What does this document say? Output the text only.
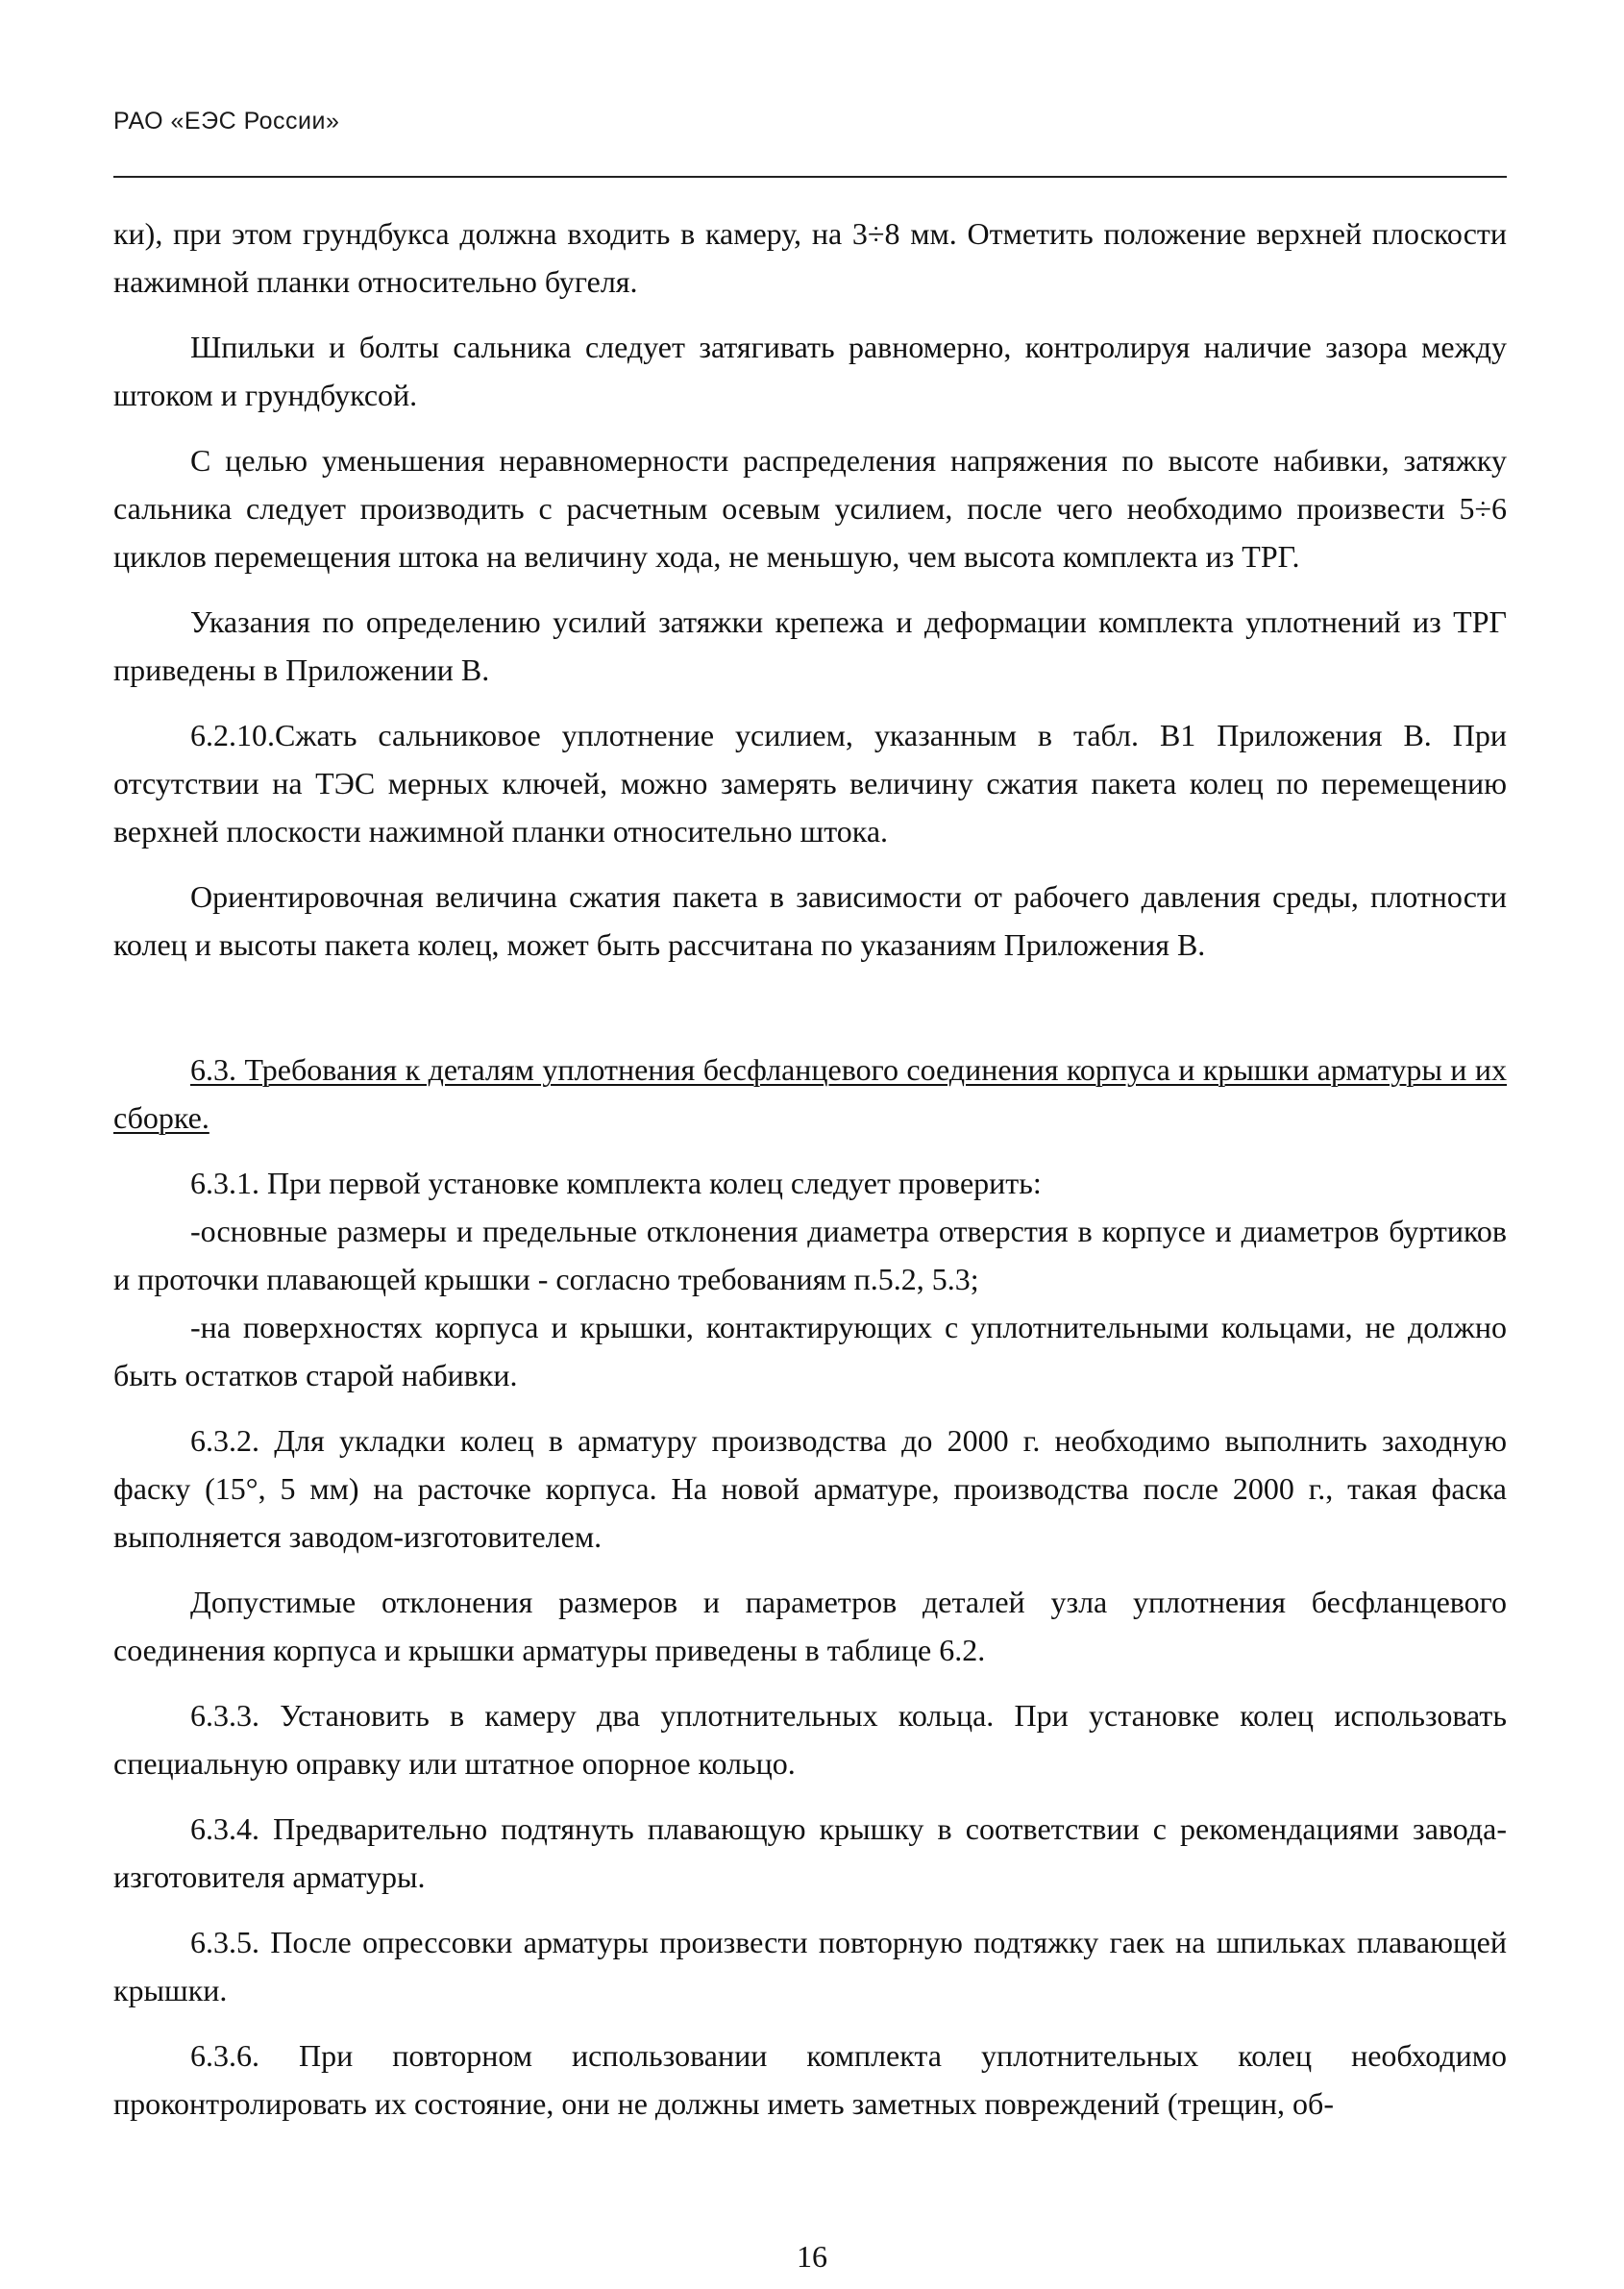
РАО «ЕЭС России»

ки), при этом грундбукса должна входить в камеру, на 3÷8 мм. Отметить положение верхней плоскости нажимной планки относительно бугеля.

Шпильки и болты сальника следует затягивать равномерно, контролируя наличие зазора между штоком и грундбуксой.

С целью уменьшения неравномерности распределения напряжения по высоте набивки, затяжку сальника следует производить с расчетным осевым усилием, после чего необходимо произвести 5÷6 циклов перемещения штока на величину хода, не меньшую, чем высота комплекта из ТРГ.

Указания по определению усилий затяжки крепежа и деформации комплекта уплотнений из ТРГ приведены в Приложении В.

6.2.10.Сжать сальниковое уплотнение усилием, указанным в табл. В1 Приложения В. При отсутствии на ТЭС мерных ключей, можно замерять величину сжатия пакета колец по перемещению верхней плоскости нажимной планки относительно штока.

Ориентировочная величина сжатия пакета в зависимости от рабочего давления среды, плотности колец и высоты пакета колец, может быть рассчитана по указаниям Приложения В.

6.3. Требования к деталям уплотнения бесфланцевого соединения корпуса и крышки арматуры и их сборке.

6.3.1. При первой установке комплекта колец следует проверить:

-основные размеры и предельные отклонения диаметра отверстия в корпусе и диаметров буртиков и проточки плавающей крышки - согласно требованиям п.5.2, 5.3;

-на поверхностях корпуса и крышки, контактирующих с уплотнительными кольцами, не должно быть остатков старой набивки.

6.3.2. Для укладки колец в арматуру производства до 2000 г. необходимо выполнить заходную фаску (15°, 5 мм) на расточке корпуса. На новой арматуре, производства после 2000 г., такая фаска выполняется заводом-изготовителем.

Допустимые отклонения размеров и параметров деталей узла уплотнения бесфланцевого соединения корпуса и крышки арматуры приведены в таблице 6.2.

6.3.3. Установить в камеру два уплотнительных кольца. При установке колец использовать специальную оправку или штатное опорное кольцо.

6.3.4. Предварительно подтянуть плавающую крышку в соответствии с рекомендациями завода-изготовителя арматуры.

6.3.5. После опрессовки арматуры произвести повторную подтяжку гаек на шпильках плавающей крышки.

6.3.6. При повторном использовании комплекта уплотнительных колец необходимо проконтролировать их состояние, они не должны иметь заметных повреждений (трещин, об-

16
